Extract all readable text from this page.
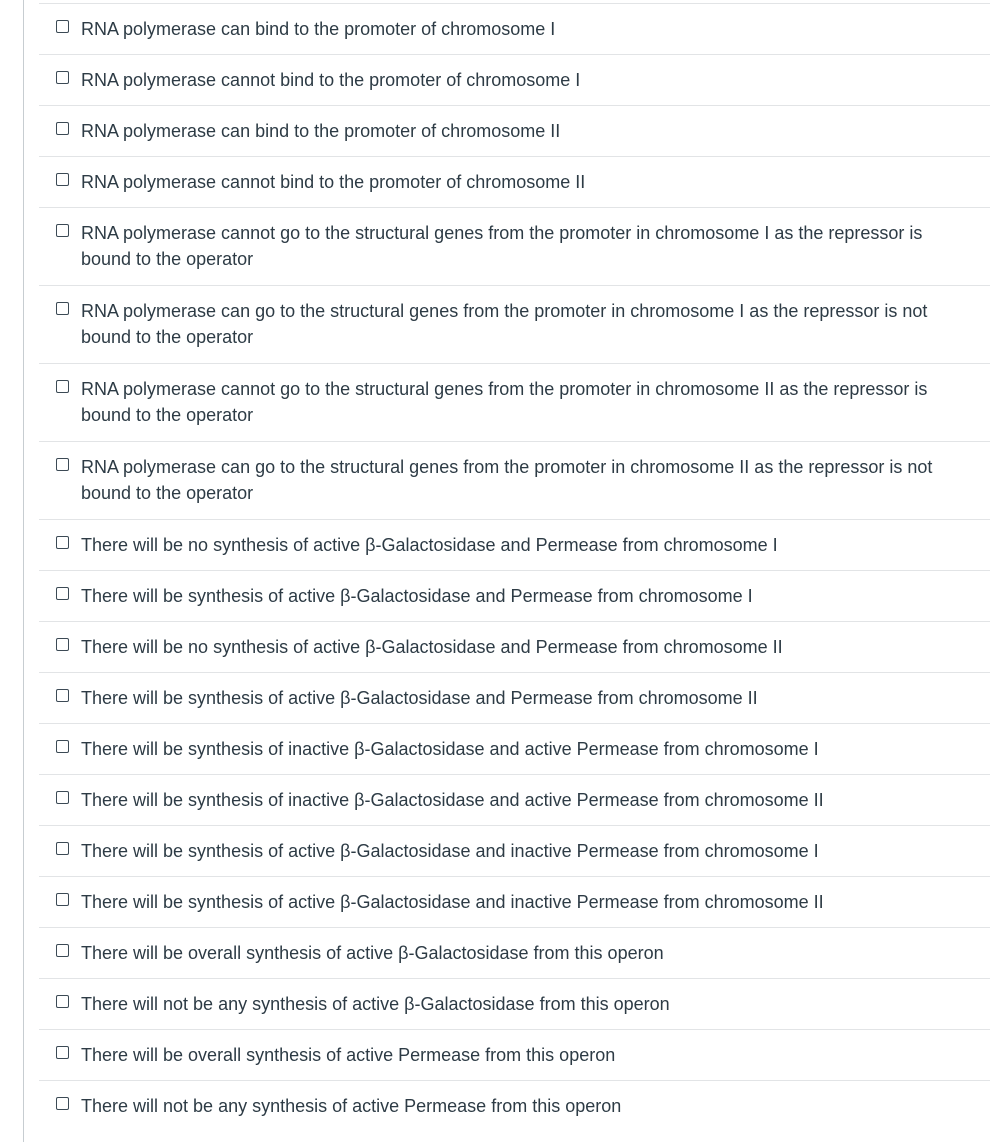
RNA polymerase can bind to the promoter of chromosome I
RNA polymerase cannot bind to the promoter of chromosome I
RNA polymerase can bind to the promoter of chromosome II
RNA polymerase cannot bind to the promoter of chromosome II
RNA polymerase cannot go to the structural genes from the promoter in chromosome I as the repressor is bound to the operator
RNA polymerase can go to the structural genes from the promoter in chromosome I as the repressor is not bound to the operator
RNA polymerase cannot go to the structural genes from the promoter in chromosome II as the repressor is bound to the operator
RNA polymerase can go to the structural genes from the promoter in chromosome II as the repressor is not bound to the operator
There will be no synthesis of active β-Galactosidase and Permease from chromosome I
There will be synthesis of active β-Galactosidase and Permease from chromosome I
There will be no synthesis of active β-Galactosidase and Permease from chromosome II
There will be synthesis of active β-Galactosidase and Permease from chromosome II
There will be synthesis of inactive β-Galactosidase and active Permease from chromosome I
There will be synthesis of inactive β-Galactosidase and active Permease from chromosome II
There will be synthesis of active β-Galactosidase and inactive Permease from chromosome I
There will be synthesis of active β-Galactosidase and inactive Permease from chromosome II
There will be overall synthesis of active β-Galactosidase from this operon
There will not be any synthesis of active β-Galactosidase from this operon
There will be overall synthesis of active Permease from this operon
There will not be any synthesis of active Permease from this operon
